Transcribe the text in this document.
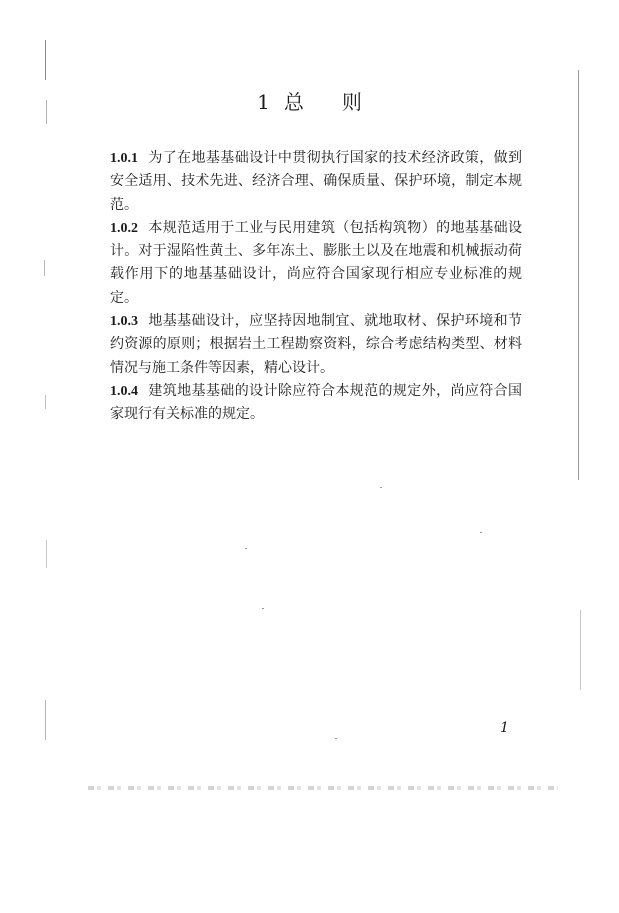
1 总 则

1.0.1 为了在地基基础设计中贯彻执行国家的技术经济政策，做到安全适用、技术先进、经济合理、确保质量、保护环境，制定本规范。

1.0.2 本规范适用于工业与民用建筑（包括构筑物）的地基基础设计。对于湿陷性黄土、多年冻土、膨胀土以及在地震和机械振动荷载作用下的地基基础设计，尚应符合国家现行相应专业标准的规定。

1.0.3 地基基础设计，应坚持因地制宜、就地取材、保护环境和节约资源的原则；根据岩土工程勘察资料，综合考虑结构类型、材料情况与施工条件等因素，精心设计。

1.0.4 建筑地基基础的设计除应符合本规范的规定外，尚应符合国家现行有关标准的规定。

1
